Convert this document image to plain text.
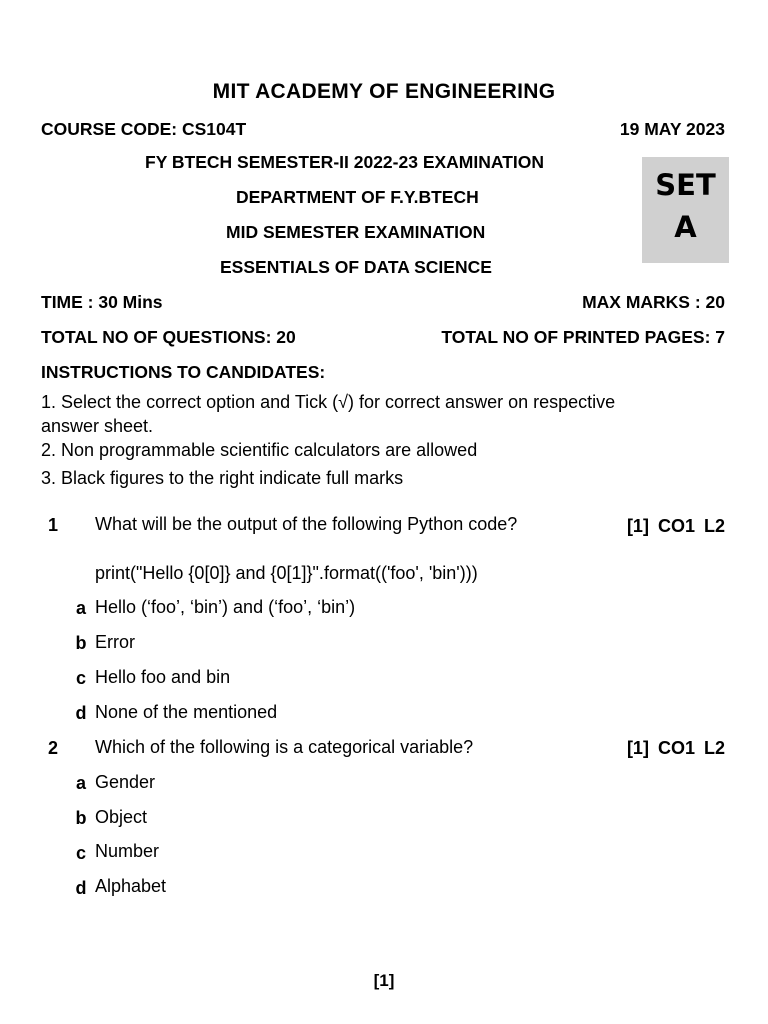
MIT ACADEMY OF ENGINEERING
COURSE CODE: CS104T	19 MAY 2023
FY BTECH SEMESTER-II 2022-23 EXAMINATION
DEPARTMENT OF F.Y.BTECH
MID SEMESTER EXAMINATION
ESSENTIALS OF DATA SCIENCE
SET
A
TIME : 30 Mins	MAX MARKS : 20
TOTAL NO OF QUESTIONS: 20	TOTAL NO OF PRINTED PAGES: 7
INSTRUCTIONS TO CANDIDATES:
1. Select the correct option and Tick (√) for correct answer on respective answer sheet.
2. Non programmable scientific calculators are allowed
3. Black figures to the right indicate full marks
1 What will be the output of the following Python code?	[1] CO1 L2
print("Hello {0[0]} and {0[1]}".format(('foo', 'bin')))
a Hello (‘foo’, ‘bin’) and (‘foo’, ‘bin’)
b Error
c Hello foo and bin
d None of the mentioned
2 Which of the following is a categorical variable?	[1] CO1 L2
a Gender
b Object
c Number
d Alphabet
[1]
